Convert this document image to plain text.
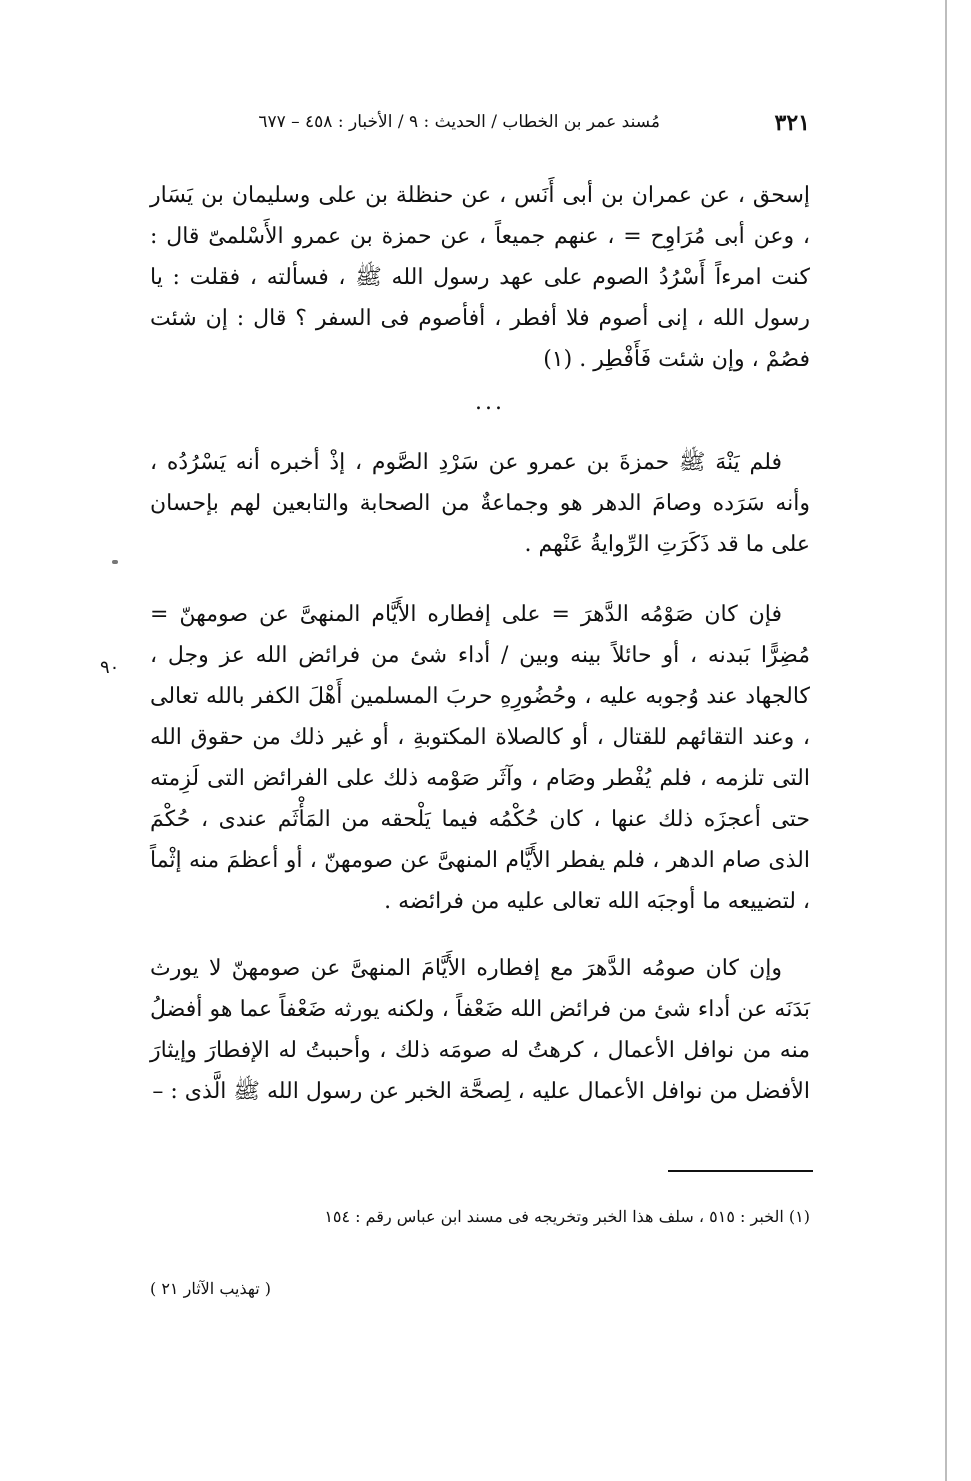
مُسند عمر بن الخطاب / الحديث : ٩ / الأخبار : ٤٥٨ – ٦٧٧	٣٢١
إسحق ، عن عمران بن أبى أَنَس ، عن حنظلة بن على وسليمان بن يَسَار ، وعن أبى مُرَاوِح = ، عنهم جميعاً ، عن حمزة بن عمرو الأَسْلمىّ قال : كنت امرءاً أَسْرُدُ الصوم على عهد رسول الله ﷺ ، فسألته ، فقلت : يا رسول الله ، إنى أصوم فلا أفطر ، أفأصوم فى السفر ؟ قال : إن شئت فصُمْ ، وإن شئت فَأَفْطِر . (١)
...
فلم يَنْهَ ﷺ حمزةَ بن عمرو عن سَرْدِ الصَّوم ، إذْ أخبره أنه يَسْرُدُه ، وأنه سَرَده وصامَ الدهر هو وجماعةٌ من الصحابة والتابعين لهم بإحسان على ما قد ذَكَرَتِ الرِّوايةُ عَنْهم .
فإن كان صَوْمُه الدَّهرَ = على إفطاره الأَيَّام المنهىَّ عن صومهنّ = مُضِرًّا بَبدنه ، أو حائلاً بينه وبين / أداء شئ من فرائض الله عز وجل ، كالجهاد عند وُجوبه عليه ، وحُضُورِهِ حربَ المسلمين أَهْلَ الكفر بالله تعالى ، وعند التقائهم للقتال ، أو كالصلاة المكتوبةِ ، أو غير ذلك من حقوق الله التى تلزمه ، فلم يُفْطر وصَام ، وآثَر صَوْمه ذلك على الفرائض التى لَزِمته حتى أعجزَه ذلك عنها ، كان حُكْمُه فيما يَلْحقه من المَأْثَم عندى ، حُكْمَ الذى صام الدهر ، فلم يفطر الأَيَّام المنهىَّ عن صومهنّ ، أو أعظمَ منه إثْماً ، لتضييعه ما أوجبَه الله تعالى عليه من فرائضه .
٩٠
وإن كان صومُه الدَّهرَ مع إفطاره الأَيَّامَ المنهىَّ عن صومهنّ لا يورث بَدَنَه عن أداء شئ من فرائض الله ضَعْفاً ، ولكنه يورثه ضَعْفاً عما هو أفضلُ منه من نوافل الأعمال ، كرهتُ له صومَه ذلك ، وأحببتُ له الإفطارَ وإيثارَ الأفضل من نوافل الأعمال عليه ، لِصحَّة الخبر عن رسول الله ﷺ الَّذى : –
(١) الخبر : ٥١٥ ، سلف هذا الخبر وتخريجه فى مسند ابن عباس رقم : ١٥٤
( تهذيب الآثار ٢١ )
